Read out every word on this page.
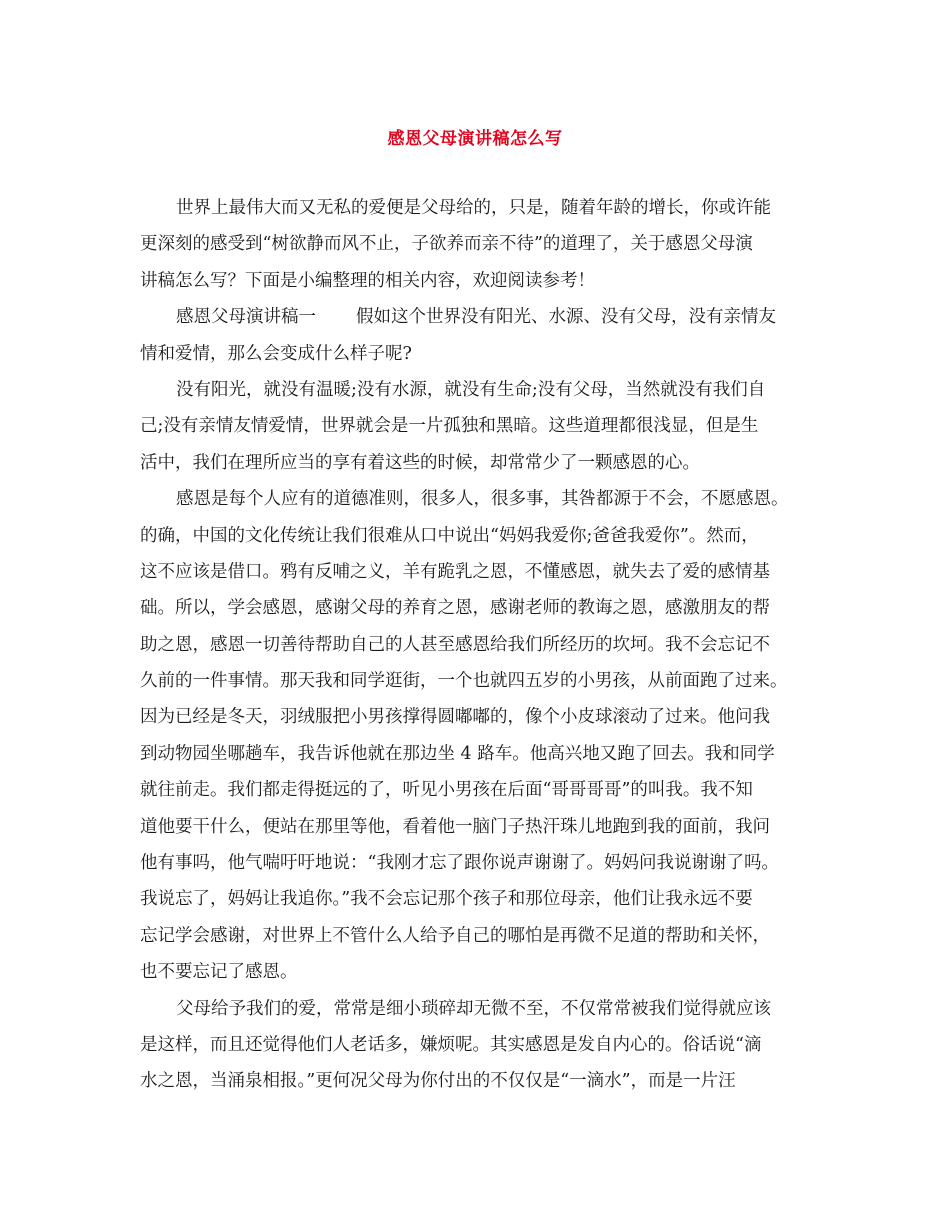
感恩父母演讲稿怎么写
世界上最伟大而又无私的爱便是父母给的，只是，随着年龄的增长，你或许能
更深刻的感受到“树欲静而风不止，子欲养而亲不待”的道理了，关于感恩父母演
讲稿怎么写？下面是小编整理的相关内容，欢迎阅读参考！
感恩父母演讲稿一 假如这个世界没有阳光、水源、没有父母，没有亲情友
情和爱情，那么会变成什么样子呢?
没有阳光，就没有温暖;没有水源，就没有生命;没有父母，当然就没有我们自
己;没有亲情友情爱情，世界就会是一片孤独和黑暗。这些道理都很浅显，但是生
活中，我们在理所应当的享有着这些的时候，却常常少了一颗感恩的心。
感恩是每个人应有的道德准则，很多人，很多事，其咎都源于不会，不愿感恩。
的确，中国的文化传统让我们很难从口中说出“妈妈我爱你;爸爸我爱你”。然而，
这不应该是借口。鸦有反哺之义，羊有跪乳之恩，不懂感恩，就失去了爱的感情基
础。所以，学会感恩，感谢父母的养育之恩，感谢老师的教诲之恩，感激朋友的帮
助之恩，感恩一切善待帮助自己的人甚至感恩给我们所经历的坎坷。我不会忘记不
久前的一件事情。那天我和同学逛街，一个也就四五岁的小男孩，从前面跑了过来。
因为已经是冬天，羽绒服把小男孩撑得圆嘟嘟的，像个小皮球滚动了过来。他问我
到动物园坐哪趟车，我告诉他就在那边坐 4 路车。他高兴地又跑了回去。我和同学
就往前走。我们都走得挺远的了，听见小男孩在后面“哥哥哥哥”的叫我。我不知
道他要干什么，便站在那里等他，看着他一脑门子热汗珠儿地跑到我的面前，我问
他有事吗，他气喘吁吁地说：“我刚才忘了跟你说声谢谢了。妈妈问我说谢谢了吗。
我说忘了，妈妈让我追你。”我不会忘记那个孩子和那位母亲，他们让我永远不要
忘记学会感谢，对世界上不管什么人给予自己的哪怕是再微不足道的帮助和关怀，
也不要忘记了感恩。
父母给予我们的爱，常常是细小琐碎却无微不至，不仅常常被我们觉得就应该
是这样，而且还觉得他们人老话多，嫌烦呢。其实感恩是发自内心的。俗话说“滴
水之恩，当涌泉相报。”更何况父母为你付出的不仅仅是“一滴水”，而是一片汪
